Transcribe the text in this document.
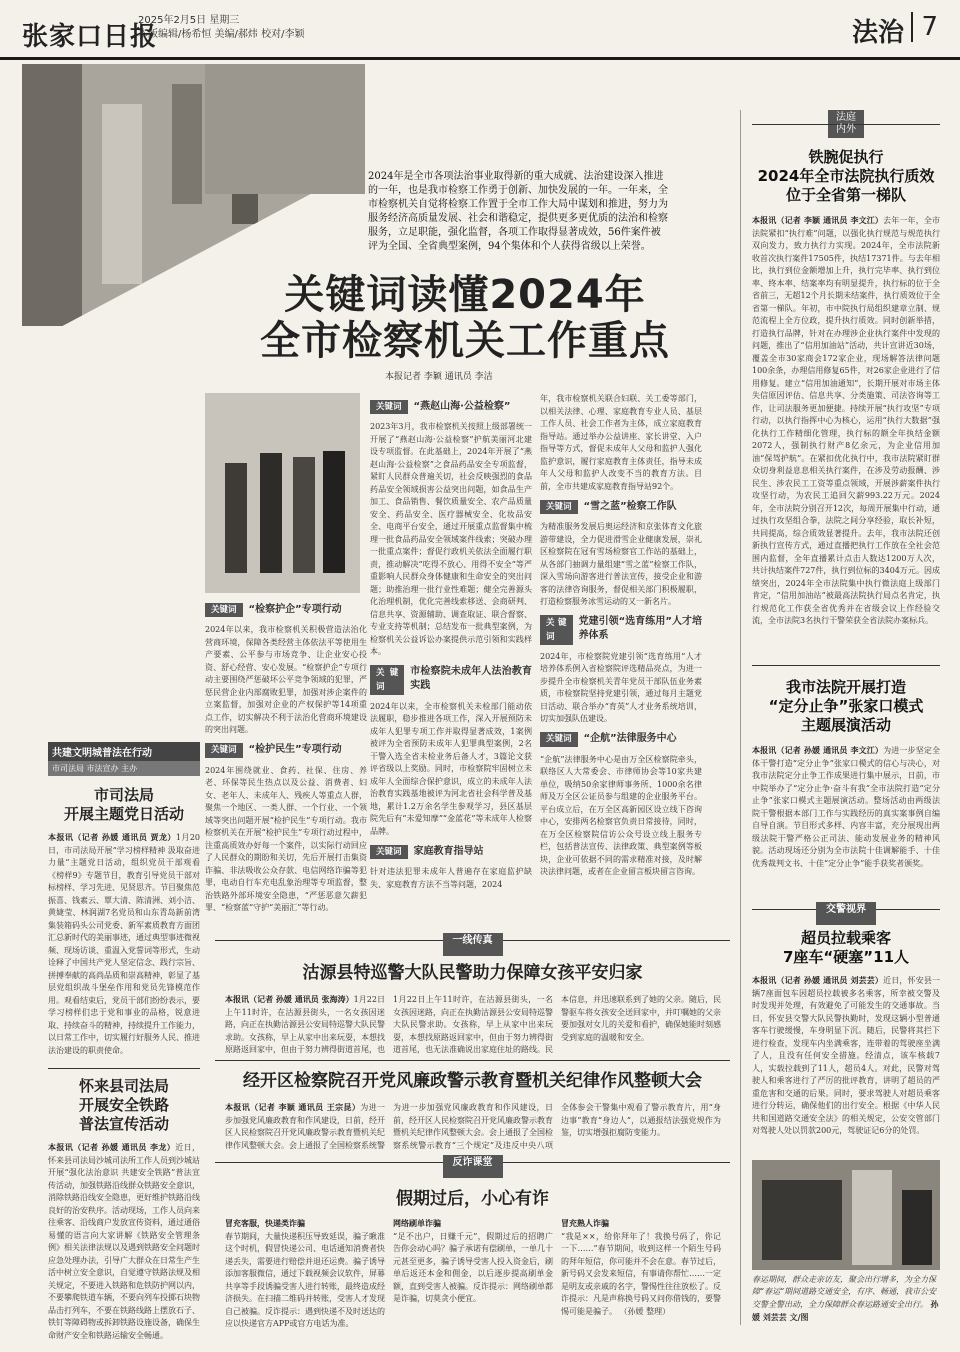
张家口日报
2025年2月5日 星期三
本版编辑/杨希恒 美编/郝炜 校对/李颖	法治 7
2024年是全市各项法治事业取得新的重大成就、法治建设深入推进的一年，也是我市检察工作勇于创新、加快发展的一年。一年来，全市检察机关自觉将检察工作置于全市工作大局中谋划和推进，努力为服务经济高质量发展、社会和谐稳定，提供更多更优质的法治和检察服务，立足职能，强化监督，各项工作取得显著成效，56件案件被评为全国、全省典型案例，94个集体和个人获得省级以上荣誉。
关键词读懂2024年
全市检察机关工作重点
本报记者 李颖 通讯员 李洁
关键词	“检察护企”专项行动

2024年以来，我市检察机关积极营造法治化营商环境，保障各类经营主体依法平等使用生产要素、公平参与市场竞争、让企业安心投资、舒心经营、安心发展。“检察护企”专项行动主要围绕严惩破坏公平竞争领域的犯罪，严惩民营企业内部腐败犯罪，加强对涉企案件的立案监督，加强对企业的产权保护等14项重点工作，切实解决不利于法治化营商环境建设的突出问题。

关键词	“检护民生”专项行动

2024年围绕就业、食药、社保、住房、养老、环保等民生热点以及公益、消费者、妇女、老年人、未成年人、残疾人等重点人群，聚焦一个地区、一类人群、一个行业、一个领域等突出问题开展“检护民生”专项行动。我市检察机关在开展“检护民生”专项行动过程中，注重高质效办好每一个案件，以实际行动回应了人民群众的期盼和关切，先后开展打击集资诈骗、非法吸收公众存款、电信网络诈骗等犯罪，电动自行车充电乱象治理等专项监督，整治铁路外部环境安全隐患，“严惩恶意欠薪犯罪、“检察蓝”守护“美丽汇”等行动。

关键词	“燕赵山海·公益检察”

2023年3月，我市检察机关按照上级部署统一开展了“燕赵山海·公益检察”护航美丽河北建设专项监督。在此基础上，2024年开展了“燕赵山海·公益检察”之食品药品安全专项监督，紧盯人民群众普遍关切，社会反映强烈的食品药品安全领域损害公益突出问题，如食品生产加工、食品销售、餐饮质量安全、农产品质量安全、药品安全、医疗器械安全、化妆品安全、电商平台安全，通过开展重点监督集中梳理一批食品药品安全领域案件线索；突破办理一批重点案件；督促行政机关依法全面履行职责，推动解决“吃得不放心、用得不安全”等严重影响人民群众身体健康和生命安全的突出问题；助推治理一批行业性难题；健全完善源头化治理机制，优化完善线索移送、会商研判、信息共享、资源辅助、调查取证、联合督察、专业支持等机制；总结发布一批典型案例，为检察机关公益诉讼办案提供示范引领和实践样本。

关键词
市检察院未成年人法治教育实践

2024年以来，全市检察机关未检部门能动依法履职，稳步推进各项工作，深入开展预防未成年人犯罪专项工作并取得显著成效，1案例被评为全省预防未成年人犯罪典型案例，2名干警入选全省未检业务后备人才，3篇论文获评省级以上奖励。同时，市检察院牢固树立未成年人全面综合保护意识，成立的未成年人法治教育实践基地被评为河北省社会科学普及基地，累计1.2万余名学生参观学习，县区基层院先后有“未爱知摩”“金蓝花”等未成年人检察品牌。

关键词	家庭教育指导站

针对违法犯罪未成年人普遍存在家庭监护缺失、家庭教育方法不当等问题，2024

年，我市检察机关联合妇联、关工委等部门，以相关法律、心理、家庭教育专业人员、基层工作人员、社会工作者为主体，成立家庭教育指导站。通过举办公益讲座、家长讲堂、入户指导等方式，督促未成年人父母和监护人强化监护意识，履行家庭教育主体责任，指导未成年人父母和监护人改变不当的教育方法。目前，全市共建成家庭教育指导站92个。

关键词	“雪之蓝”检察工作队

为精准服务发展后奥运经济和京张体育文化旅游带建设，全力促进滑雪企业健康发展，崇礼区检察院在冠有雪场检察官工作站的基础上，从各部门抽调力量组建“雪之蓝”检察工作队，深入雪场向游客进行普法宣传，接受企业和游客的法律咨询服务，督促相关部门积极履职，打造检察服务冰雪运动的又一新名片。

关键词
党建引领“选育练用”人才培养体系

2024年，市检察院党建引领“选育练用”人才培养体系例入省检察院评选精品亮点，为进一步提升全市检察机关青年党员干部队伍业务素质，市检察院坚持党建引领，通过每月主题党日活动、联合举办“育英”人才业务系统培训，切实加强队伍建设。

关键词	“企航”法律服务中心

“企航”法律服务中心是由万全区检察院牵头，联络区人大常委会、市律师协会等10家共建单位，吸纳50余家律师事务所、1000余名律师及万全区公证员参与组建的企业服务平台。平台成立后，在万全区高新园区设立线下咨询中心，安排两名检察官负责日常接待，同时，在万全区检察院信访公众号设立线上服务专栏，包括普法宣传、法律政策、典型案例等板块，企业可依据不同的需求精准对接，及时解决法律问题，或者在企业留言板块留言咨询。

法庭
内外
铁腕促执行
2024年全市法院执行质效
位于全省第一梯队
本报讯（记者 李颖 通讯员 李文江）去年一年，全市法院紧扣“执行难”问题，以强化执行规范与规范执行双向发力，致力执行力实现。2024年，全市法院新收首次执行案件17505件，执结17371件。与去年相比，执行到位金额增加上升，执行完毕率、执行到位率、终本率、结案率均有明显提升，执行标的位于全省前三，无超12个月长期未结案件，执行质效位于全省第一梯队。年初，市中院执行局组织建章立制、规范流程上全方位政，提升执行质效。同时创新举措，打造执行品牌，针对在办理涉企业执行案件中发现的问题，推出了“信用加油站”活动，共计宣讲近30场，覆盖全市30家商会172家企业，现场解答法律问题100余条，办理信用修复65件，对26家企业进行了信用修复。建立“信用加油通知”，长期开展对市场主体失信原因评估、信息共享、分类施策、司法咨询等工作，让司法服务更加便捷。持续开展“执行攻坚”专项行动，以执行指挥中心为核心，运用“执行大数据”强化执行工作精细化管理，执行标的额全年执结金额2072人，强制执行财产8亿余元，为企业信用加油“保驾护航”。在紧扣优化执行中，我市法院紧盯群众切身利益息息相关执行案件，在涉及劳动报酬、涉民生、涉农民工工资等重点领域，开展涉薪案件执行攻坚行动，为农民工追回欠薪993.22万元。2024年，全市法院分别召开12次，每周开展集中行动，通过执行攻坚组合拳，法院之间分享经验，取长补短，共同提高，综合质效显著提升。去年，我市法院还创新执行宣传方式，通过直播把执行工作放在全社会范围内监督，全年直播累计点击人数达1200万人次，共计执结案件727件，执行到位标的3404万元。因成绩突出，2024年全市法院集中执行微法庭上级部门肯定，“信用加油站”被最高法院执行局点名肯定，执行规范化工作获全省优秀并在省级会议上作经验交流，全市法院3名执行干警荣获全省法院办案标兵。
我市法院开展打造
“定分止争”张家口模式
主题展演活动
本报讯（记者 孙媛 通讯员 李文江）为进一步坚定全体干警打造“定分止争”张家口模式的信心与决心，对我市法院定分止争工作成果进行集中展示，日前，市中院举办了“定分止争·奋斗有我”全市法院打造“定分止争”张家口模式主题展演活动。整场活动由两级法院干警根据本部门工作与实践经历的真实案事例自编自导自演。节目形式多样、内容丰富，充分展现出两级法院干警严格公正司法、能动发展业务的精神风貌。活动现场还分别为全市法院十佳调解能手、十佳优秀裁判文书、十佳“定分止争”能手获奖者颁奖。
交警视界
超员拉载乘客
7座车“硬塞”11人
本报讯（记者 孙媛 通讯员 刘芸芸）近日，怀安县一辆7座面包车因超员拉载被多名乘客，所幸被交警及时发现并处理，有效避免了可能发生的交通事故。当日，怀安县交警大队民警执勤时，发现这辆小型普通客车行驶缓慢，车身明显下沉。随后，民警将其拦下进行检查，发现车内坐满乘客，连带着的驾驶座坐满了人，且没有任何安全措施。经清点，该车核载7人，实载拉载到了11人，超员4人。对此，民警对驾驶人和乘客进行了严厉的批评教育，讲明了超员的严重危害和交通的后果。同时，要求驾驶人对超员乘客进行分转运，确保他们的出行安全。根据《中华人民共和国道路交通安全法》的相关规定，公安交管部门对驾驶人处以罚款200元，驾驶证记6分的处罚。
春运期间，群众走亲访友，聚会出行增多，为全力保障“春运”期间道路交通安全，有序、畅通，我市公安交警全警出动，全力保障群众春运路通安全出行。 孙媛 刘芸芸 文/图
共建文明城普法在行动
市司法局 市法宣办 主办
市司法局
开展主题党日活动
本报讯（记者 孙媛 通讯员 贾龙）1月20日，市司法局开展“学习榜样精神 汲取奋进力量”主题党日活动，组织党员干部观看《榜样9》专题节目，教育引导党员干部对标榜样、学习先进、见贤思齐。节目聚焦范振喜、钱素云、覃大清、陈清洲、刘小洁、黄婕莹、林润湖7名党员和山东青岛新前湾集装箱码头公司党委、新军素质教育方面团汇总新时代的美丽事迹，通过典型事迹微视频、现场访谈、重温入党誓词等形式，生动诠释了中国共产党人坚定信念、践行宗旨、拼搏奉献的高尚品质和崇高精神，彰显了基层党组织战斗堡垒作用和党员先锋模范作用。观看结束后，党员干部们纷纷表示，要学习榜样们忠于党和事业的品格，锐意进取、持续奋斗的精神，持续提升工作能力，以日常工作中，切实履行好服务人民、推进法治建设的职责使命。
怀来县司法局
开展安全铁路
普法宣传活动
本报讯（记者 孙媛 通讯员 李龙）近日，怀来县司法局沙城司法所工作人员到沙城站开展“强化法治意识 共建安全铁路”普法宣传活动，加强铁路沿线群众铁路安全意识，消除铁路沿线安全隐患，更好维护铁路沿线良好的治安秩序。活动现场，工作人员向来往乘客、沿线商户发放宣传资料，通过通俗易懂的语言向大家讲解《铁路安全管理条例》相关法律法规以及遇到铁路安全问题时应急处理办法，引导广大群众在日常生产生活中树立安全意识，自觉遵守铁路法规及相关规定，不要进入铁路和危铁防护网以内，不要攀爬铁道车辆，不要向列车投掷石块物品击打列车，不要在铁路线路上摆放石子、铁钉等障碍物或拆卸铁路设施设备，确保生命财产安全和铁路运输安全畅通。
一线传真
沽源县特巡警大队民警助力保障女孩平安归家
本报讯（记者 孙媛 通讯员 张海涛）1月22日上午11时许，在沽源县街头，一名女孩因迷路，向正在执勤沽源县公安局特巡警大队民警求助。女孩称，早上从家中出来玩耍，本想找原路返回家中，但由于努力辨得街道首尾，也
1月22日上午11时许，在沽源县街头，一名女孩因迷路，向正在执勤沽源县公安局特巡警大队民警求助。女孩称，早上从家中出来玩耍，本想找原路返回家中，但由于努力辨得街道首尾，也无法准确说出家庭住址的路线。民
本信息，并迅速联系到了她的父亲。随后，民警驱车将女孩安全送回家中，并叮嘱她的父亲要加强对女儿的关爱和看护，确保她能时刻感受到家庭的温暖和安全。
经开区检察院召开党风廉政警示教育暨机关纪律作风整顿大会
本报讯（记者 李颖 通讯员 王宗昆）为进一步加强党风廉政教育和作风建设，日前，经开区人民检察院召开党风廉政警示教育暨机关纪律作风整顿大会。会上通报了全国检察系统警
为进一步加强党风廉政教育和作风建设，日前，经开区人民检察院召开党风廉政警示教育暨机关纪律作风整顿大会。会上通报了全国检察系统警示教育“三个规定”及违反中央八项
全体参会干警集中观看了警示教育片，用“身边事”教育“身边人”，以通报结法强党规作为鉴，切实增强拒腐防变能力。
反诈课堂
假期过后，小心有诈
冒充客服，快递类诈骗
春节期间，大量快递积压导致延误，骗子瞅准这个时机，假冒快递公司、电话通知消费者快递丢失，需要进行赔偿并退还运费。骗子诱导添加客服微信，通过下载视频会议软件，屏幕共享等手段诱骗受害人进行转账，最终造成经济损失。在扫描二维码并转账，受害人才发现自己被骗。反诈提示：遇到快递不及时送达的应以快递官方APP或官方电话为准。
网络刷单诈骗
“足不出户，日赚千元”，假期过后的招聘广告你会动心吗？骗子承诺有偿刷单，一单几十元甚至更多，骗子诱导受害人投入资金后，刷单后返还本金和佣金，以后逐步提高刷单金额，直到受害人被骗。反诈提示：网络刷单都是诈骗，切莫贪小便宜。
冒充熟人诈骗
“我是××，给你拜年了！我换号码了，你记一下……”春节期间，收到这样一个陌生号码的拜年短信，你可能并不会在意。春节过后，新号码又会发来短信，有事请你帮忙……一定是明友或亲戚的名字，警惕性往往放松了。反诈提示：凡是声称换号码又问你借钱的，要警惕可能是骗子。 （孙媛 整理）
